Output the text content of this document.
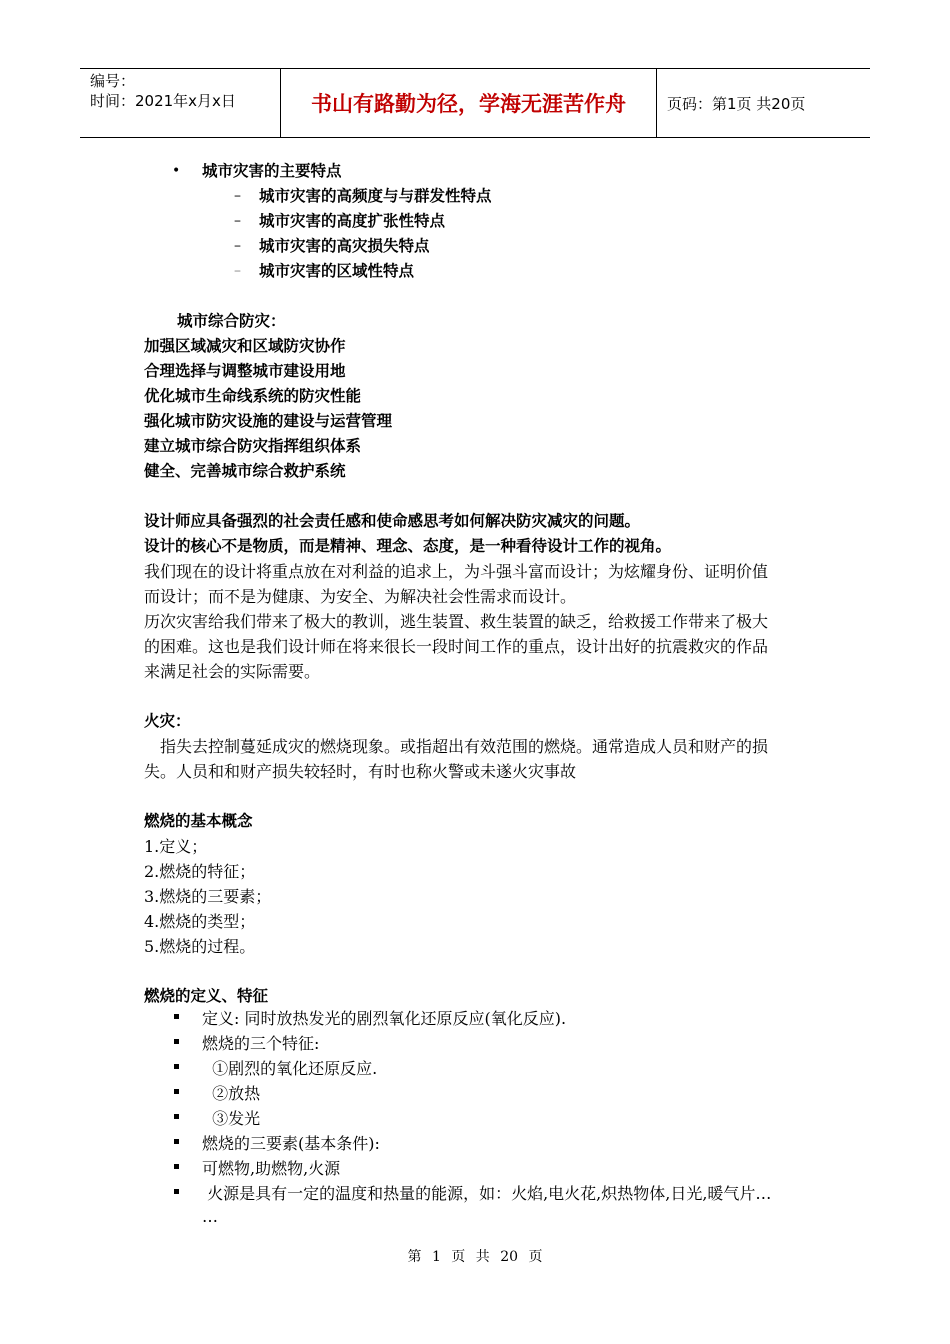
编号：
时间：2021年x月x日	书山有路勤为径，学海无涯苦作舟	页码：第1页 共20页
• 城市灾害的主要特点
– 城市灾害的高频度与与群发性特点
– 城市灾害的高度扩张性特点
– 城市灾害的高灾损失特点
– 城市灾害的区域性特点
城市综合防灾：
加强区域减灾和区域防灾协作
合理选择与调整城市建设用地
优化城市生命线系统的防灾性能
强化城市防灾设施的建设与运营管理
建立城市综合防灾指挥组织体系
健全、完善城市综合救护系统
设计师应具备强烈的社会责任感和使命感思考如何解决防灾减灾的问题。
设计的核心不是物质，而是精神、理念、态度，是一种看待设计工作的视角。
我们现在的设计将重点放在对利益的追求上，为斗强斗富而设计；为炫耀身份、证明价值
而设计；而不是为健康、为安全、为解决社会性需求而设计。
历次灾害给我们带来了极大的教训，逃生装置、救生装置的缺乏，给救援工作带来了极大
的困难。这也是我们设计师在将来很长一段时间工作的重点，设计出好的抗震救灾的作品
来满足社会的实际需要。
火灾：
指失去控制蔓延成灾的燃烧现象。或指超出有效范围的燃烧。通常造成人员和财产的损
失。人员和和财产损失较轻时，有时也称火警或未遂火灾事故
燃烧的基本概念
1.定义；
2.燃烧的特征；
3.燃烧的三要素；
4.燃烧的类型；
5.燃烧的过程。
燃烧的定义、特征
定义: 同时放热发光的剧烈氧化还原反应(氧化反应).
燃烧的三个特征:
①剧烈的氧化还原反应.
②放热
③发光
燃烧的三要素(基本条件):
可燃物,助燃物,火源
火源是具有一定的温度和热量的能源，如：火焰,电火花,炽热物体,日光,暖气片…
…
第 1 页 共 20 页
